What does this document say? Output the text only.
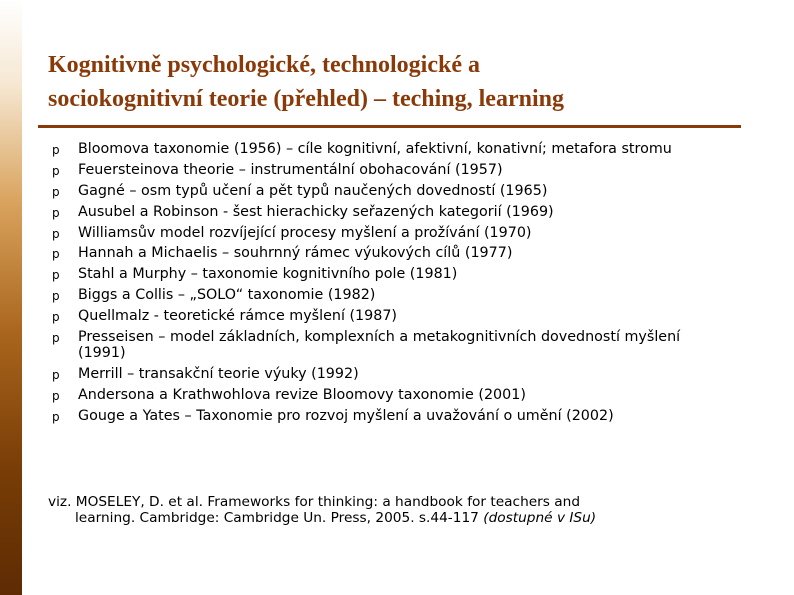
Kognitivně psychologické, technologické a
sociokognitivní teorie (přehled) – teching, learning
p Bloomova taxonomie (1956) – cíle kognitivní, afektivní, konativní; metafora stromu
p Feuersteinova theorie – instrumentální obohacování (1957)
p Gagné – osm typů učení a pět typů naučených dovedností (1965)
p Ausubel a Robinson - šest hierachicky seřazených kategorií (1969)
p Williamsův model rozvíjející procesy myšlení a prožívání (1970)
p Hannah a Michaelis – souhrnný rámec výukových cílů (1977)
p Stahl a Murphy – taxonomie kognitivního pole (1981)
p Biggs a Collis – „SOLO“ taxonomie (1982)
p Quellmalz - teoretické rámce myšlení (1987)
p Presseisen – model základních, komplexních a metakognitivních dovedností myšlení (1991)
p Merrill – transakční teorie výuky (1992)
p Andersona a Krathwohlova revize Bloomovy taxonomie (2001)
p Gouge a Yates – Taxonomie pro rozvoj myšlení a uvažování o umění (2002)
viz. MOSELEY, D. et al. Frameworks for thinking: a handbook for teachers and
learning. Cambridge: Cambridge Un. Press, 2005. s.44-117 (dostupné v ISu)
